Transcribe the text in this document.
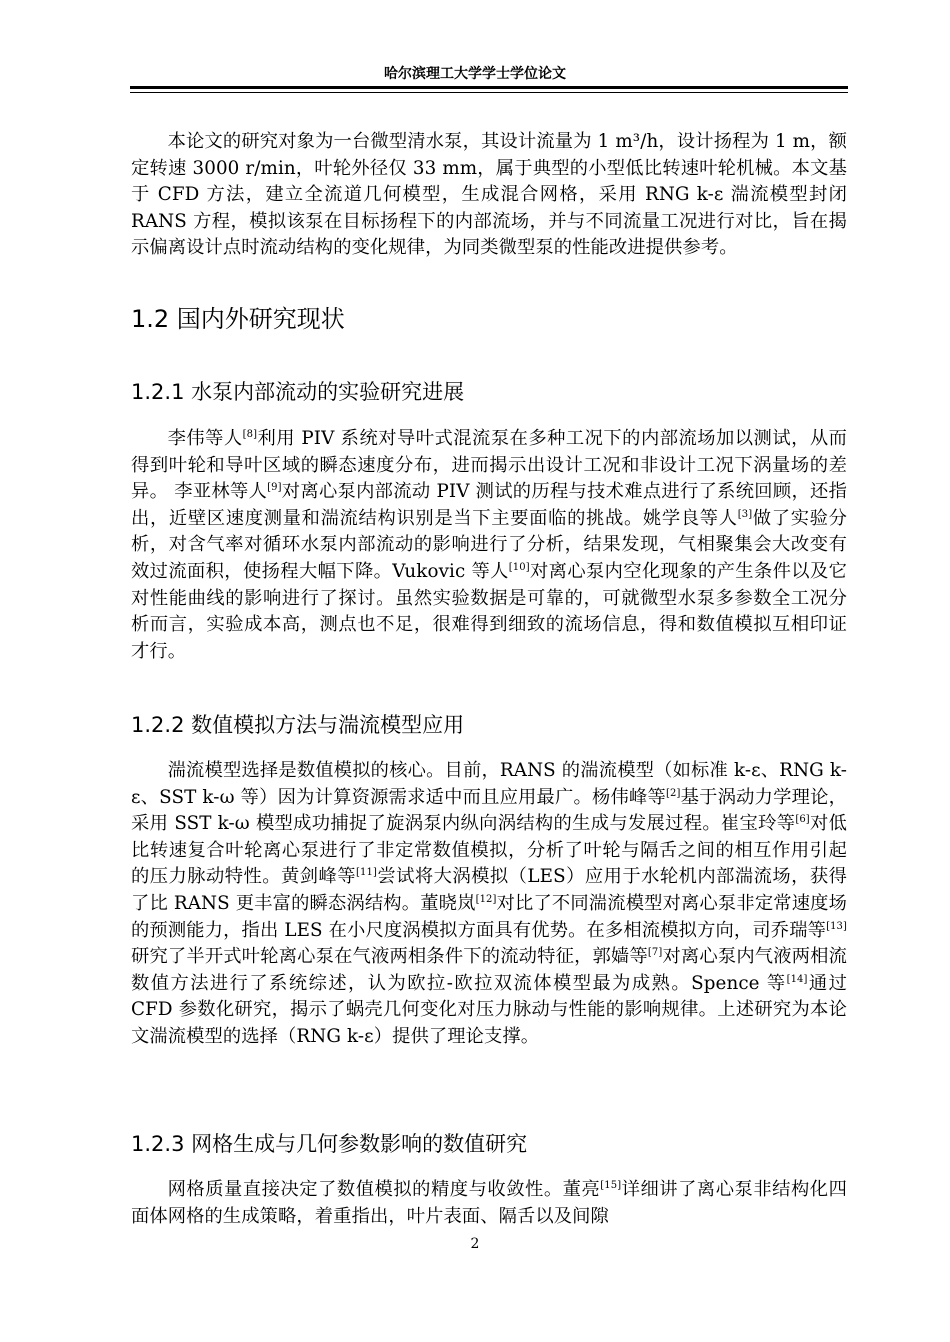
哈尔滨理工大学学士学位论文

本论文的研究对象为一台微型清水泵，其设计流量为 1 m³/h，设计扬程为 1 m，额定转速 3000 r/min，叶轮外径仅 33 mm，属于典型的小型低比转速叶轮机械。本文基于 CFD 方法，建立全流道几何模型，生成混合网格，采用 RNG k-ε 湍流模型封闭 RANS 方程，模拟该泵在目标扬程下的内部流场，并与不同流量工况进行对比，旨在揭示偏离设计点时流动结构的变化规律，为同类微型泵的性能改进提供参考。

1.2 国内外研究现状
1.2.1 水泵内部流动的实验研究进展

李伟等人[8]利用 PIV 系统对导叶式混流泵在多种工况下的内部流场加以测试，从而得到叶轮和导叶区域的瞬态速度分布，进而揭示出设计工况和非设计工况下涡量场的差异。 李亚林等人[9]对离心泵内部流动 PIV 测试的历程与技术难点进行了系统回顾，还指出，近壁区速度测量和湍流结构识别是当下主要面临的挑战。姚学良等人[3]做了实验分析，对含气率对循环水泵内部流动的影响进行了分析，结果发现，气相聚集会大改变有效过流面积，使扬程大幅下降。Vukovic 等人[10]对离心泵内空化现象的产生条件以及它对性能曲线的影响进行了探讨。虽然实验数据是可靠的，可就微型水泵多参数全工况分析而言，实验成本高，测点也不足，很难得到细致的流场信息，得和数值模拟互相印证才行。

1.2.2 数值模拟方法与湍流模型应用

湍流模型选择是数值模拟的核心。目前，RANS 的湍流模型（如标准 k-ε、RNG k-ε、SST k-ω 等）因为计算资源需求适中而且应用最广。杨伟峰等[2]基于涡动力学理论，采用 SST k-ω 模型成功捕捉了旋涡泵内纵向涡结构的生成与发展过程。崔宝玲等[6]对低比转速复合叶轮离心泵进行了非定常数值模拟，分析了叶轮与隔舌之间的相互作用引起的压力脉动特性。黄剑峰等[11]尝试将大涡模拟（LES）应用于水轮机内部湍流场，获得了比 RANS 更丰富的瞬态涡结构。董晓岚[12]对比了不同湍流模型对离心泵非定常速度场的预测能力，指出 LES 在小尺度涡模拟方面具有优势。在多相流模拟方向，司乔瑞等[13]研究了半开式叶轮离心泵在气液两相条件下的流动特征，郭嫱等[7]对离心泵内气液两相流数值方法进行了系统综述，认为欧拉-欧拉双流体模型最为成熟。Spence 等[14]通过 CFD 参数化研究，揭示了蜗壳几何变化对压力脉动与性能的影响规律。上述研究为本论文湍流模型的选择（RNG k-ε）提供了理论支撑。

1.2.3 网格生成与几何参数影响的数值研究

网格质量直接决定了数值模拟的精度与收敛性。董亮[15]详细讲了离心泵非结构化四面体网格的生成策略，着重指出，叶片表面、隔舌以及间隙

2
